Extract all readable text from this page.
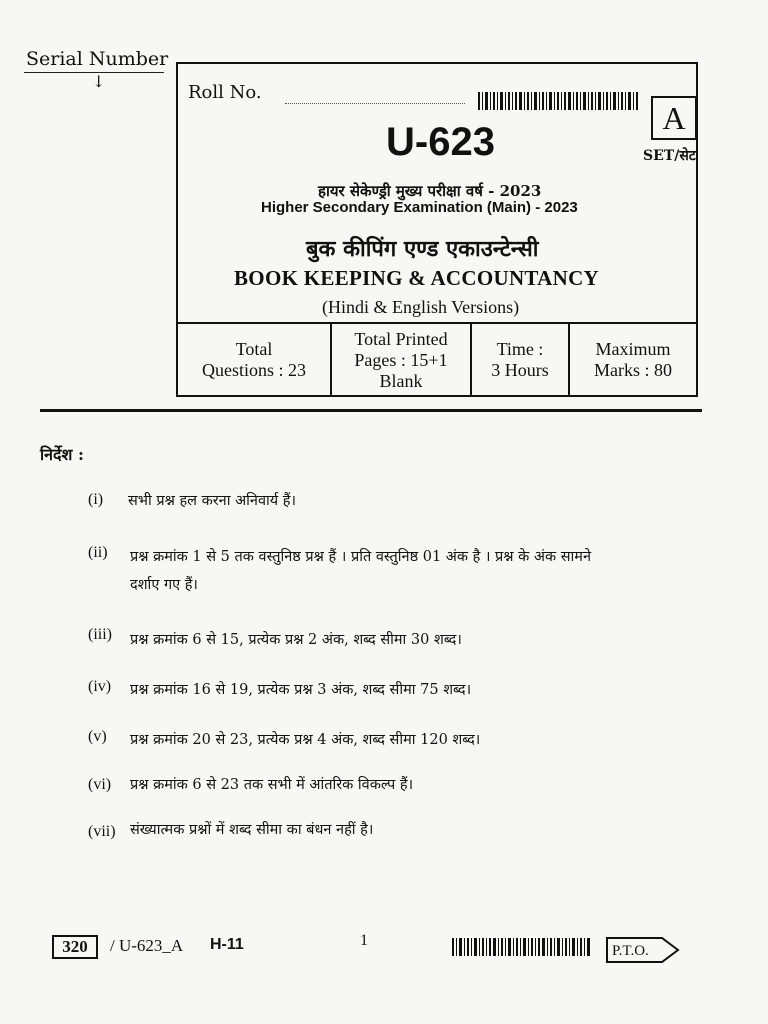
Serial Number
↓
Roll No.
A
SET/सेट
U-623
हायर सेकेण्ड्री मुख्य परीक्षा वर्ष - 2023
Higher Secondary Examination (Main) - 2023
बुक कीपिंग एण्ड एकाउन्टेन्सी
BOOK KEEPING & ACCOUNTANCY
(Hindi & English Versions)
Total
Questions : 23
Total Printed
Pages : 15+1
Blank
Time :
3 Hours
Maximum
Marks : 80
निर्देश :
(i) सभी प्रश्न हल करना अनिवार्य हैं।
(ii) प्रश्न क्रमांक 1 से 5 तक वस्तुनिष्ठ प्रश्न हैं । प्रति वस्तुनिष्ठ 01 अंक है । प्रश्न के अंक सामने
दर्शाए गए हैं।
(iii) प्रश्न क्रमांक 6 से 15, प्रत्येक प्रश्न 2 अंक, शब्द सीमा 30 शब्द।
(iv) प्रश्न क्रमांक 16 से 19, प्रत्येक प्रश्न 3 अंक, शब्द सीमा 75 शब्द।
(v) प्रश्न क्रमांक 20 से 23, प्रत्येक प्रश्न 4 अंक, शब्द सीमा 120 शब्द।
(vi) प्रश्न क्रमांक 6 से 23 तक सभी में आंतरिक विकल्प हैं।
(vii) संख्यात्मक प्रश्नों में शब्द सीमा का बंधन नहीं है।
320	/ U-623_A H-11	1
P.T.O.
